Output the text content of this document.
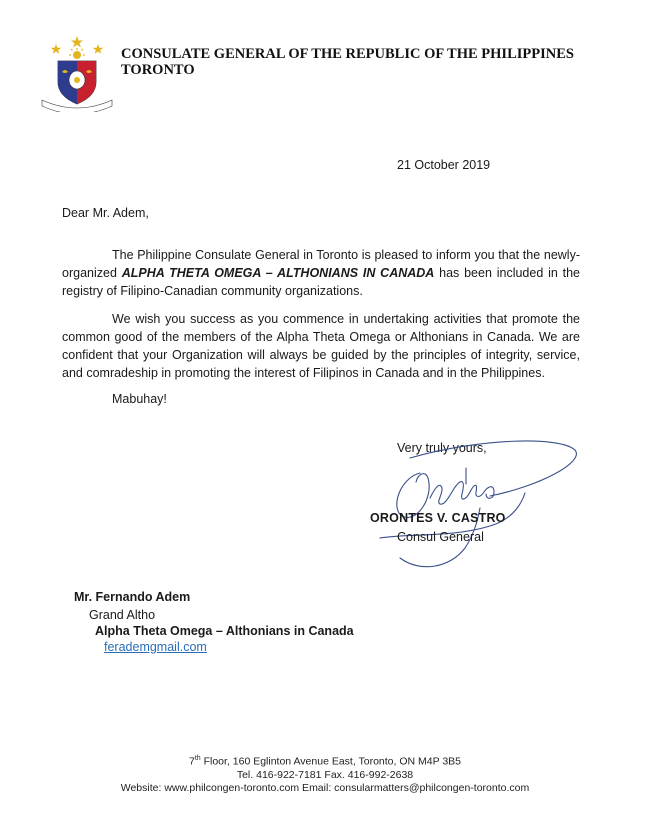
CONSULATE GENERAL OF THE REPUBLIC OF THE PHILIPPINES
TORONTO
21 October 2019
Dear Mr. Adem,
The Philippine Consulate General in Toronto is pleased to inform you that the newly-organized ALPHA THETA OMEGA – ALTHONIANS IN CANADA has been included in the registry of Filipino-Canadian community organizations.
We wish you success as you commence in undertaking activities that promote the common good of the members of the Alpha Theta Omega or Althonians in Canada. We are confident that your Organization will always be guided by the principles of integrity, service, and comradeship in promoting the interest of Filipinos in Canada and in the Philippines.
Mabuhay!
Very truly yours,
ORONTES V. CASTRO
Consul General
Mr. Fernando Adem
Grand Altho
Alpha Theta Omega – Althonians in Canada
ferademgmail.com
7th Floor, 160 Eglinton Avenue East, Toronto, ON M4P 3B5
Tel. 416-922-7181 Fax. 416-992-2638
Website: www.philcongen-toronto.com Email: consularmatters@philcongen-toronto.com
